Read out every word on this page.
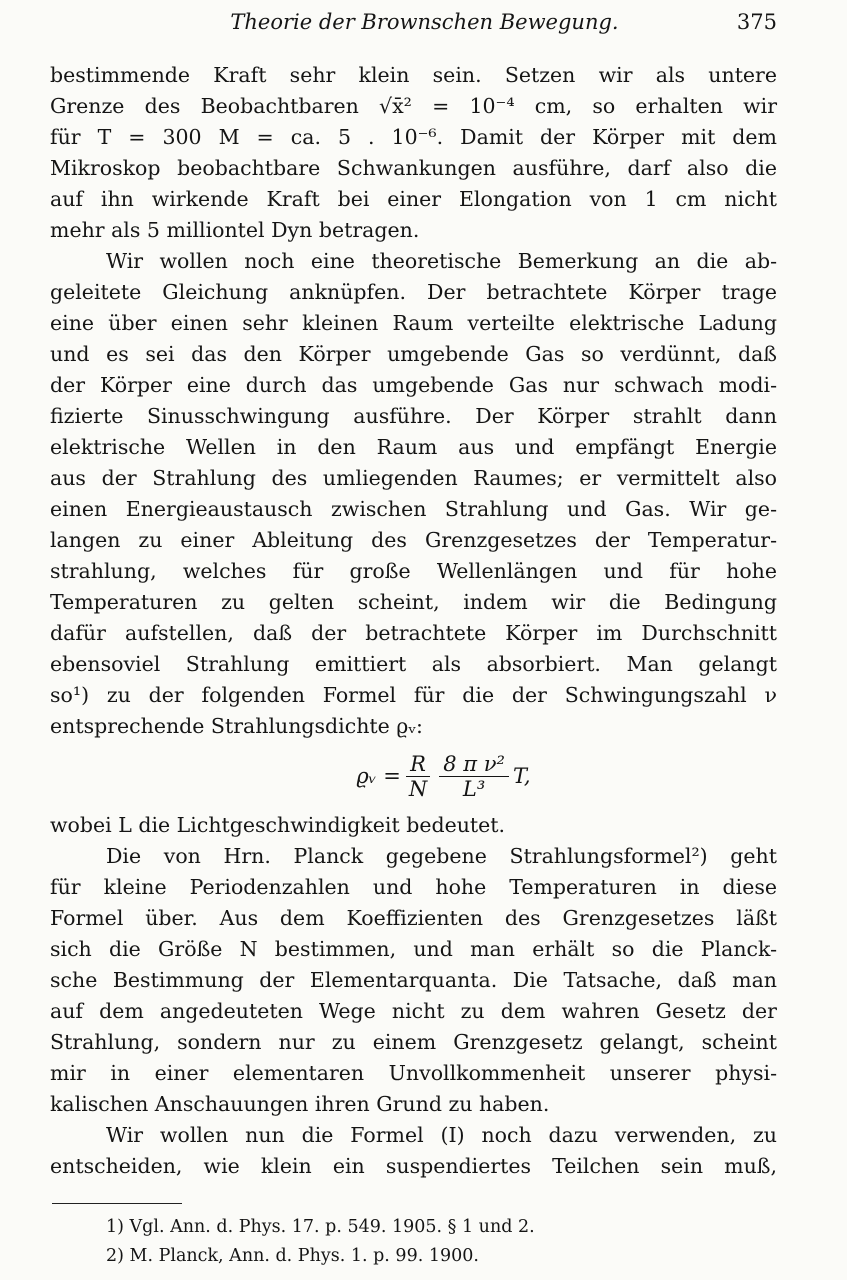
Theorie der Brownschen Bewegung.	375
bestimmende Kraft sehr klein sein. Setzen wir als untere
Grenze des Beobachtbaren √x̄² = 10⁻⁴ cm, so erhalten wir
für T = 300 M = ca. 5 . 10⁻⁶. Damit der Körper mit dem
Mikroskop beobachtbare Schwankungen ausführe, darf also die
auf ihn wirkende Kraft bei einer Elongation von 1 cm nicht
mehr als 5 milliontel Dyn betragen.
Wir wollen noch eine theoretische Bemerkung an die ab-
geleitete Gleichung anknüpfen. Der betrachtete Körper trage
eine über einen sehr kleinen Raum verteilte elektrische Ladung
und es sei das den Körper umgebende Gas so verdünnt, daß
der Körper eine durch das umgebende Gas nur schwach modi-
fizierte Sinusschwingung ausführe. Der Körper strahlt dann
elektrische Wellen in den Raum aus und empfängt Energie
aus der Strahlung des umliegenden Raumes; er vermittelt also
einen Energieaustausch zwischen Strahlung und Gas. Wir ge-
langen zu einer Ableitung des Grenzgesetzes der Temperatur-
strahlung, welches für große Wellenlängen und für hohe
Temperaturen zu gelten scheint, indem wir die Bedingung
dafür aufstellen, daß der betrachtete Körper im Durchschnitt
ebensoviel Strahlung emittiert als absorbiert. Man gelangt
so¹) zu der folgenden Formel für die der Schwingungszahl ν
entsprechende Strahlungsdichte ϱᵥ:
ϱᵥ = $\frac{R}{N} \frac{\text{8 π ν²}}{\text{L³}} T$,
wobei L die Lichtgeschwindigkeit bedeutet.
Die von Hrn. Planck gegebene Strahlungsformel²) geht
für kleine Periodenzahlen und hohe Temperaturen in diese
Formel über. Aus dem Koeffizienten des Grenzgesetzes läßt
sich die Größe N bestimmen, und man erhält so die Planck-
sche Bestimmung der Elementarquanta. Die Tatsache, daß man
auf dem angedeuteten Wege nicht zu dem wahren Gesetz der
Strahlung, sondern nur zu einem Grenzgesetz gelangt, scheint
mir in einer elementaren Unvollkommenheit unserer physi-
kalischen Anschauungen ihren Grund zu haben.
Wir wollen nun die Formel (I) noch dazu verwenden, zu
entscheiden, wie klein ein suspendiertes Teilchen sein muß,
1) Vgl. Ann. d. Phys. 17. p. 549. 1905. § 1 und 2.
2) M. Planck, Ann. d. Phys. 1. p. 99. 1900.
